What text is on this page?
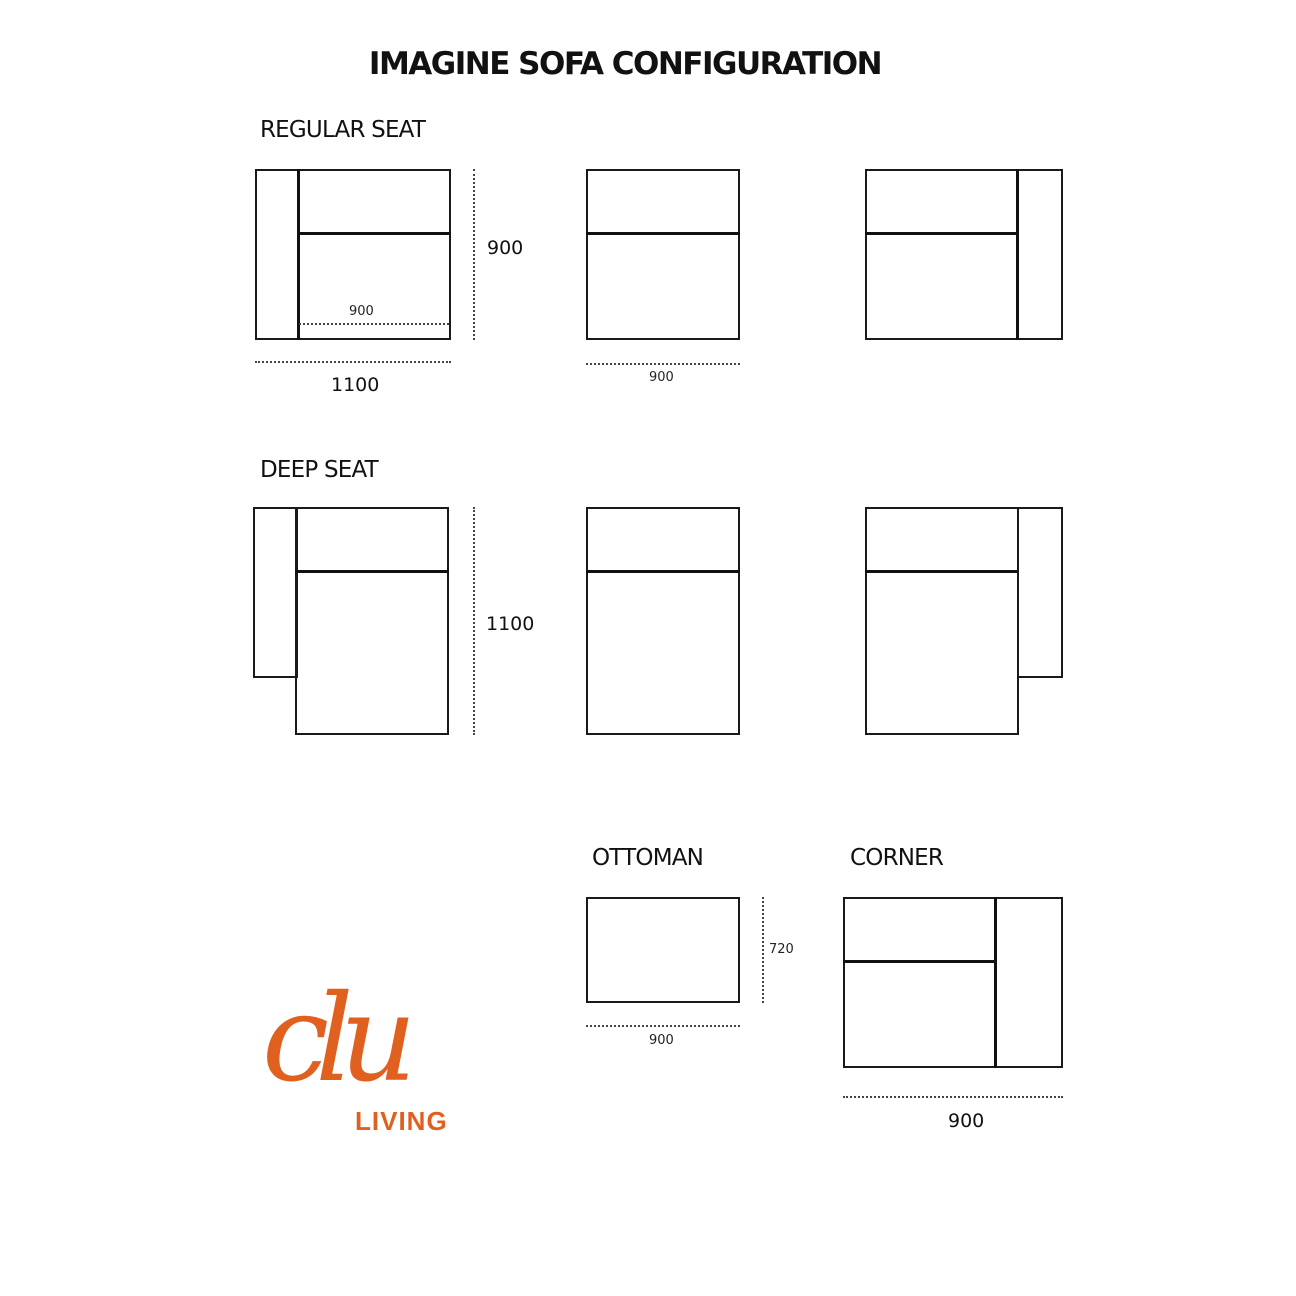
IMAGINE SOFA CONFIGURATION
REGULAR SEAT
900
900
1100	900
DEEP SEAT
1100
OTTOMAN
720
900
CORNER
900
clu
LIVING
